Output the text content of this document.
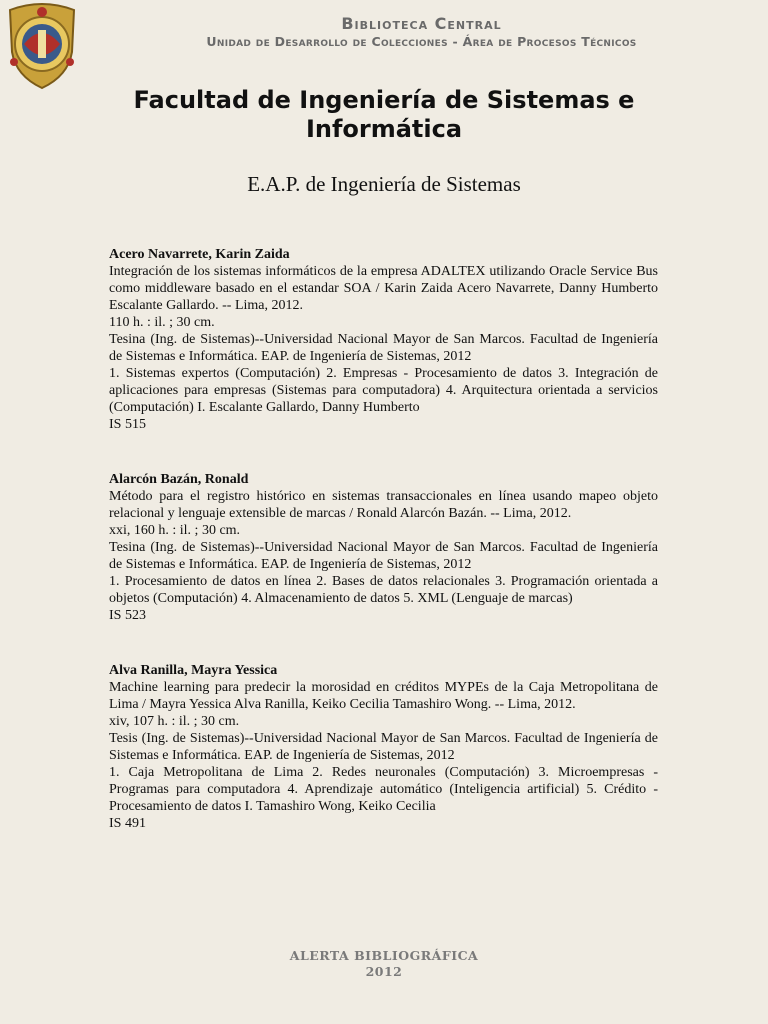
Biblioteca Central
Unidad de Desarrollo de Colecciones - Área de Procesos Técnicos
Facultad de Ingeniería de Sistemas e Informática
E.A.P. de Ingeniería de Sistemas

Acero Navarrete, Karin Zaida

Integración de los sistemas informáticos de la empresa ADALTEX utilizando Oracle Service Bus como middleware basado en el estandar SOA / Karin Zaida Acero Navarrete, Danny Humberto Escalante Gallardo. -- Lima, 2012.

110 h. : il. ; 30 cm.

Tesina (Ing. de Sistemas)--Universidad Nacional Mayor de San Marcos. Facultad de Ingeniería de Sistemas e Informática. EAP. de Ingeniería de Sistemas, 2012

1. Sistemas expertos (Computación) 2. Empresas - Procesamiento de datos 3. Integración de aplicaciones para empresas (Sistemas para computadora) 4. Arquitectura orientada a servicios (Computación) I. Escalante Gallardo, Danny Humberto

IS 515

Alarcón Bazán, Ronald

Método para el registro histórico en sistemas transaccionales en línea usando mapeo objeto relacional y lenguaje extensible de marcas / Ronald Alarcón Bazán. -- Lima, 2012.

xxi, 160 h. : il. ; 30 cm.

Tesina (Ing. de Sistemas)--Universidad Nacional Mayor de San Marcos. Facultad de Ingeniería de Sistemas e Informática. EAP. de Ingeniería de Sistemas, 2012

1. Procesamiento de datos en línea 2. Bases de datos relacionales 3. Programación orientada a objetos (Computación) 4. Almacenamiento de datos 5. XML (Lenguaje de marcas)

IS 523

Alva Ranilla, Mayra Yessica

Machine learning para predecir la morosidad en créditos MYPEs de la Caja Metropolitana de Lima / Mayra Yessica Alva Ranilla, Keiko Cecilia Tamashiro Wong. -- Lima, 2012.

xiv, 107 h. : il. ; 30 cm.

Tesis (Ing. de Sistemas)--Universidad Nacional Mayor de San Marcos. Facultad de Ingeniería de Sistemas e Informática. EAP. de Ingeniería de Sistemas, 2012

1. Caja Metropolitana de Lima 2. Redes neuronales (Computación) 3. Microempresas - Programas para computadora 4. Aprendizaje automático (Inteligencia artificial) 5. Crédito - Procesamiento de datos I. Tamashiro Wong, Keiko Cecilia

IS 491

ALERTA BIBLIOGRÁFICA
2012
